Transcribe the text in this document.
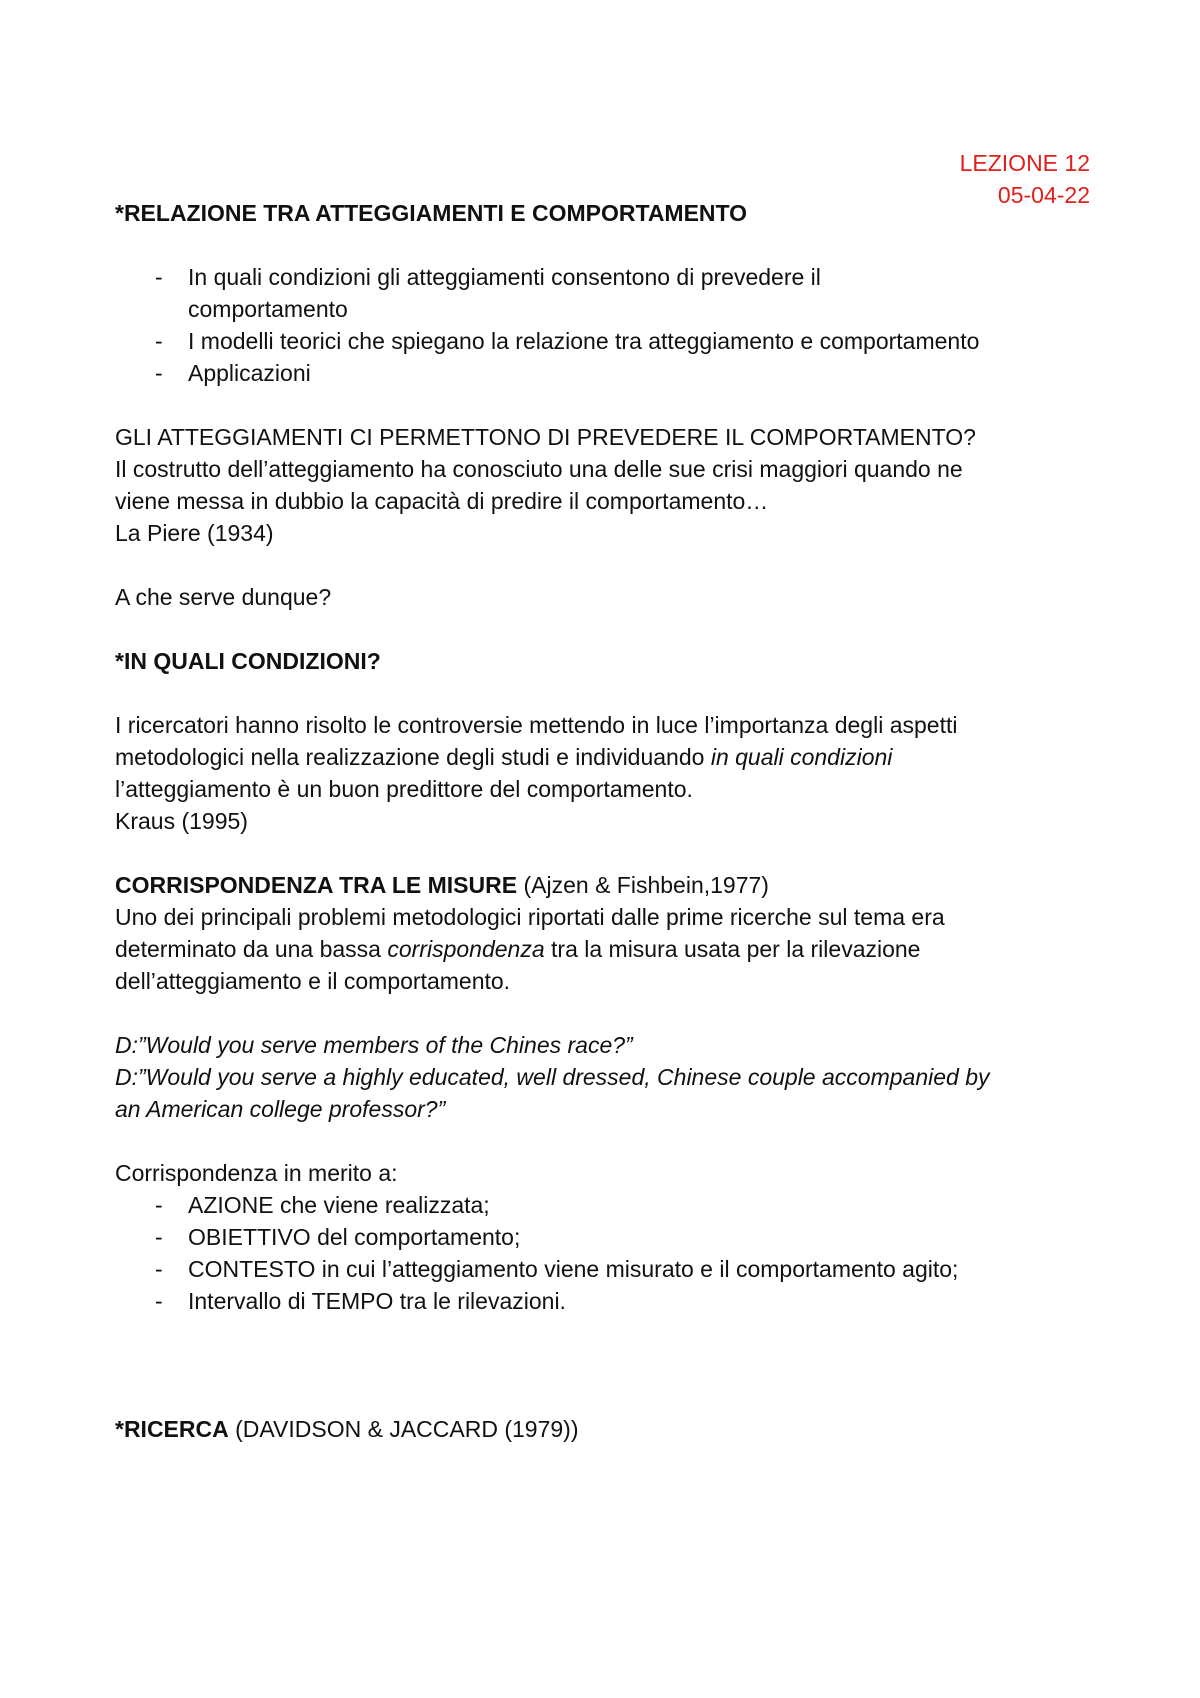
LEZIONE 12
05-04-22
*RELAZIONE TRA ATTEGGIAMENTI E COMPORTAMENTO
- In quali condizioni gli atteggiamenti consentono di prevedere il
comportamento
- I modelli teorici che spiegano la relazione tra atteggiamento e comportamento
- Applicazioni
GLI ATTEGGIAMENTI CI PERMETTONO DI PREVEDERE IL COMPORTAMENTO?
Il costrutto dell’atteggiamento ha conosciuto una delle sue crisi maggiori quando ne
viene messa in dubbio la capacità di predire il comportamento…
La Piere (1934)
A che serve dunque?
*IN QUALI CONDIZIONI?
I ricercatori hanno risolto le controversie mettendo in luce l’importanza degli aspetti
metodologici nella realizzazione degli studi e individuando in quali condizioni
l’atteggiamento è un buon predittore del comportamento.
Kraus (1995)
CORRISPONDENZA TRA LE MISURE (Ajzen & Fishbein,1977)
Uno dei principali problemi metodologici riportati dalle prime ricerche sul tema era
determinato da una bassa corrispondenza tra la misura usata per la rilevazione
dell’atteggiamento e il comportamento.
D:”Would you serve members of the Chines race?”
D:”Would you serve a highly educated, well dressed, Chinese couple accompanied by
an American college professor?”
Corrispondenza in merito a:
- AZIONE che viene realizzata;
- OBIETTIVO del comportamento;
- CONTESTO in cui l’atteggiamento viene misurato e il comportamento agito;
- Intervallo di TEMPO tra le rilevazioni.
*RICERCA (DAVIDSON & JACCARD (1979))
